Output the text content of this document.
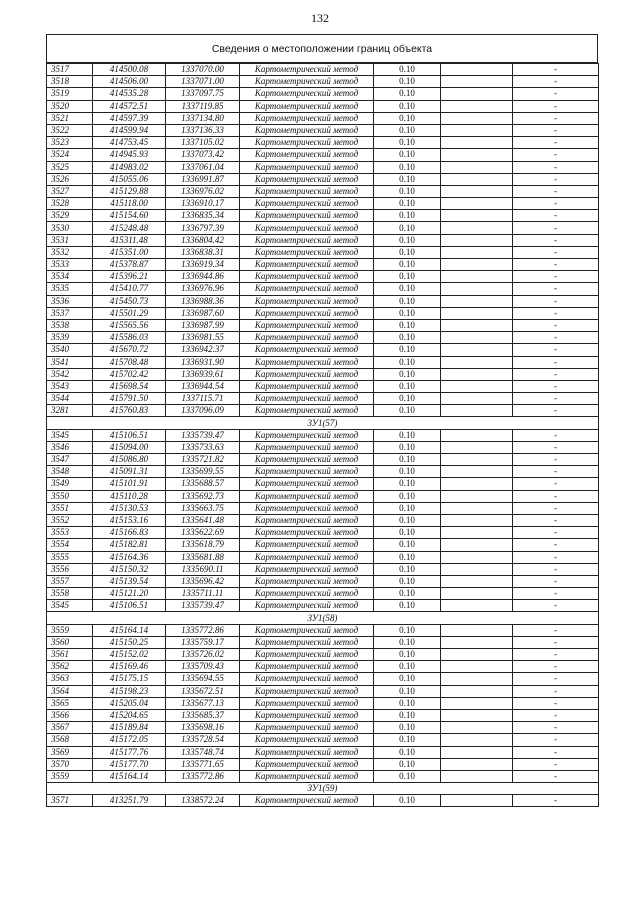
132
Сведения о местоположении границ объекта
3517	414500.08	1337070.00	Картометрический метод	0.10		-
3518	414506.00	1337071.00	Картометрический метод	0.10		-
3519	414535.28	1337097.75	Картометрический метод	0.10		-
3520	414572.51	1337119.85	Картометрический метод	0.10		-
3521	414597.39	1337134.80	Картометрический метод	0.10		-
3522	414599.94	1337136.33	Картометрический метод	0.10		-
3523	414753.45	1337105.02	Картометрический метод	0.10		-
3524	414945.93	1337073.42	Картометрический метод	0.10		-
3525	414983.02	1337061.04	Картометрический метод	0.10		-
3526	415055.06	1336991.87	Картометрический метод	0.10		-
3527	415129.88	1336976.02	Картометрический метод	0.10		-
3528	415118.00	1336910.17	Картометрический метод	0.10		-
3529	415154.60	1336835.34	Картометрический метод	0.10		-
3530	415248.48	1336797.39	Картометрический метод	0.10		-
3531	415311.48	1336804.42	Картометрический метод	0.10		-
3532	415351.00	1336838.31	Картометрический метод	0.10		-
3533	415378.87	1336919.34	Картометрический метод	0.10		-
3534	415396.21	1336944.86	Картометрический метод	0.10		-
3535	415410.77	1336976.96	Картометрический метод	0.10		-
3536	415450.73	1336988.36	Картометрический метод	0.10		-
3537	415501.29	1336987.60	Картометрический метод	0.10		-
3538	415565.56	1336987.99	Картометрический метод	0.10		-
3539	415586.03	1336981.55	Картометрический метод	0.10		-
3540	415670.72	1336942.37	Картометрический метод	0.10		-
3541	415708.48	1336931.90	Картометрический метод	0.10		-
3542	415702.42	1336939.61	Картометрический метод	0.10		-
3543	415698.54	1336944.54	Картометрический метод	0.10		-
3544	415791.50	1337115.71	Картометрический метод	0.10		-
3281	415760.83	1337096.09	Картометрический метод	0.10		-
ЗУ1(57)						
3545	415106.51	1335739.47	Картометрический метод	0.10		-
3546	415094.00	1335733.63	Картометрический метод	0.10		-
3547	415086.80	1335721.82	Картометрический метод	0.10		-
3548	415091.31	1335699.55	Картометрический метод	0.10		-
3549	415101.91	1335688.57	Картометрический метод	0.10		-
3550	415110.28	1335692.73	Картометрический метод	0.10		-
3551	415130.53	1335663.75	Картометрический метод	0.10		-
3552	415153.16	1335641.48	Картометрический метод	0.10		-
3553	415166.83	1335622.69	Картометрический метод	0.10		-
3554	415182.81	1335618.79	Картометрический метод	0.10		-
3555	415164.36	1335681.88	Картометрический метод	0.10		-
3556	415150.32	1335690.11	Картометрический метод	0.10		-
3557	415139.54	1335696.42	Картометрический метод	0.10		-
3558	415121.20	1335711.11	Картометрический метод	0.10		-
3545	415106.51	1335739.47	Картометрический метод	0.10		-
ЗУ1(58)						
3559	415164.14	1335772.86	Картометрический метод	0.10		-
3560	415150.25	1335759.17	Картометрический метод	0.10		-
3561	415152.02	1335726.02	Картометрический метод	0.10		-
3562	415169.46	1335709.43	Картометрический метод	0.10		-
3563	415175.15	1335694.55	Картометрический метод	0.10		-
3564	415198.23	1335672.51	Картометрический метод	0.10		-
3565	415205.04	1335677.13	Картометрический метод	0.10		-
3566	415204.65	1335685.37	Картометрический метод	0.10		-
3567	415189.84	1335698.16	Картометрический метод	0.10		-
3568	415172.05	1335728.54	Картометрический метод	0.10		-
3569	415177.76	1335748.74	Картометрический метод	0.10		-
3570	415177.70	1335771.65	Картометрический метод	0.10		-
3559	415164.14	1335772.86	Картометрический метод	0.10		-
ЗУ1(59)						
3571	413251.79	1338572.24	Картометрический метод	0.10		-
